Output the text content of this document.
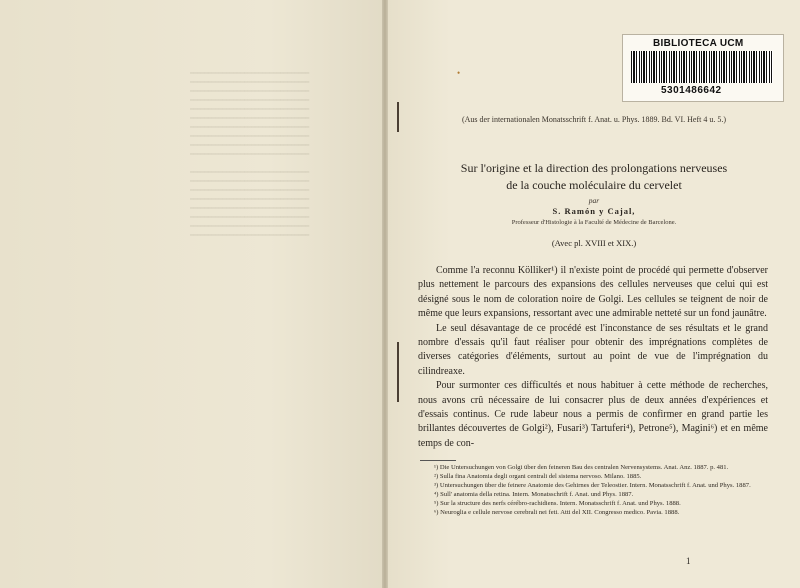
━━━━━━━━━━━━━━━━━━━━━━━━━━━━━━━━━
━━━━━━━━━━━━━━━━━━━━━━━━━━━━━━━━━
━━━━━━━━━━━━━━━━━━━━━━━━━━━━━━━━━
━━━━━━━━━━━━━━━━━━━━━━━━━━━━━━━━━
━━━━━━━━━━━━━━━━━━━━━━━━━━━━━━━━━
━━━━━━━━━━━━━━━━━━━━━━━━━━━━━━━━━
━━━━━━━━━━━━━━━━━━━━━━━━━━━━━━━━━
━━━━━━━━━━━━━━━━━━━━━━━━━━━━━━━━━
━━━━━━━━━━━━━━━━━━━━━━━━━━━━━━━━━
━━━━━━━━━━━━━━━━━━━━━━━━━━━━━━━━━

━━━━━━━━━━━━━━━━━━━━━━━━━━━━━━━━━
━━━━━━━━━━━━━━━━━━━━━━━━━━━━━━━━━
━━━━━━━━━━━━━━━━━━━━━━━━━━━━━━━━━
━━━━━━━━━━━━━━━━━━━━━━━━━━━━━━━━━
━━━━━━━━━━━━━━━━━━━━━━━━━━━━━━━━━
━━━━━━━━━━━━━━━━━━━━━━━━━━━━━━━━━
━━━━━━━━━━━━━━━━━━━━━━━━━━━━━━━━━
━━━━━━━━━━━━━━━━━━━━━━━━━━━━━━━━━
•
BIBLIOTECA UCM
5301486642
(Aus der internationalen Monatsschrift f. Anat. u. Phys. 1889. Bd. VI. Heft 4 u. 5.)
Sur l'origine et la direction des prolongations nerveuses
de la couche moléculaire du cervelet
par
S. Ramón y Cajal,
Professeur d'Histologie à la Faculté de Médecine de Barcelone.
(Avec pl. XVIII et XIX.)

Comme l'a reconnu Kölliker¹) il n'existe point de procédé qui permette d'observer plus nettement le parcours des expansions des cellules nerveuses que celui qui est désigné sous le nom de coloration noire de Golgi. Les cellules se teignent de noir de même que leurs expansions, ressortant avec une admirable netteté sur un fond jaunâtre.

Le seul désavantage de ce procédé est l'inconstance de ses résultats et le grand nombre d'essais qu'il faut réaliser pour obtenir des imprégnations complètes de diverses catégories d'éléments, surtout au point de vue de l'imprégnation du cilindreaxe.

Pour surmonter ces difficultés et nous habituer à cette méthode de recherches, nous avons crû nécessaire de lui consacrer plus de deux années d'expériences et d'essais continus. Ce rude labeur nous a permis de confirmer en grand partie les brillantes découvertes de Golgi²), Fusari³) Tartuferi⁴), Petrone⁵), Magini⁶) et en même temps de con-

¹) Die Untersuchungen von Golgi über den feineren Bau des centralen Nervensystems. Anat. Anz. 1887. p. 481.
²) Sulla fina Anatomia degli organi centrali del sistema nervoso. Milano. 1885.
³) Untersuchungen über die feinere Anatomie des Gehirnes der Teleostier. Intern. Monatsschrift f. Anat. und Phys. 1887.
⁴) Sull' anatomia della retina. Intern. Monatsschrift f. Anat. und Phys. 1887.
⁵) Sur la structure des nerfs cérébro-rachidiens. Intern. Monatsschrift f. Anat. und Phys. 1888.
⁶) Neuroglia e cellule nervose cerebrali nei feti. Atti del XII. Congresso medico. Pavia. 1888.
1
